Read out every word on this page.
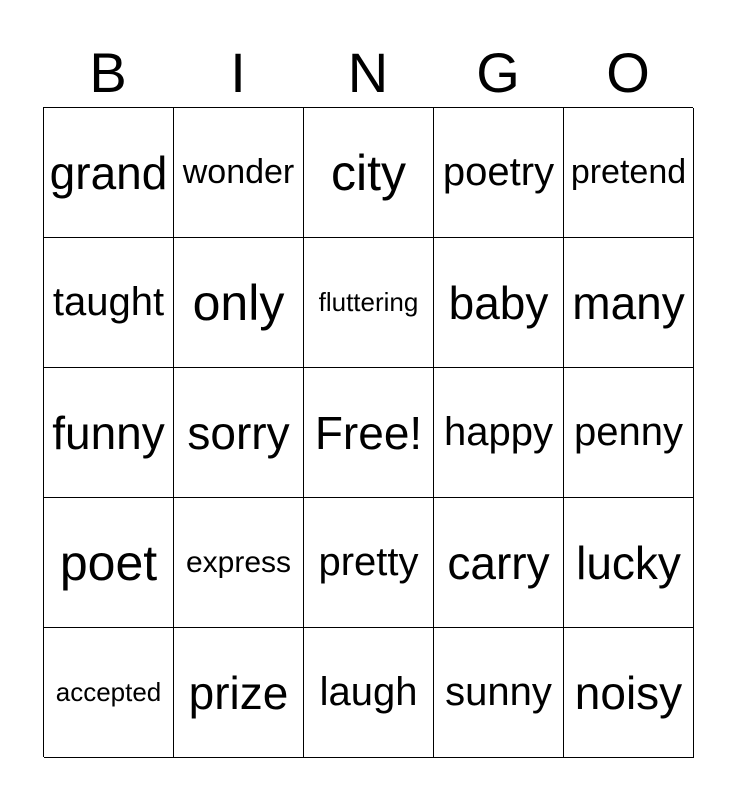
B	I	N	G	O
grand wonder city poetry pretend
taught only fluttering baby many
funny sorry Free! happy penny
poet express pretty carry lucky
accepted prize laugh sunny noisy
